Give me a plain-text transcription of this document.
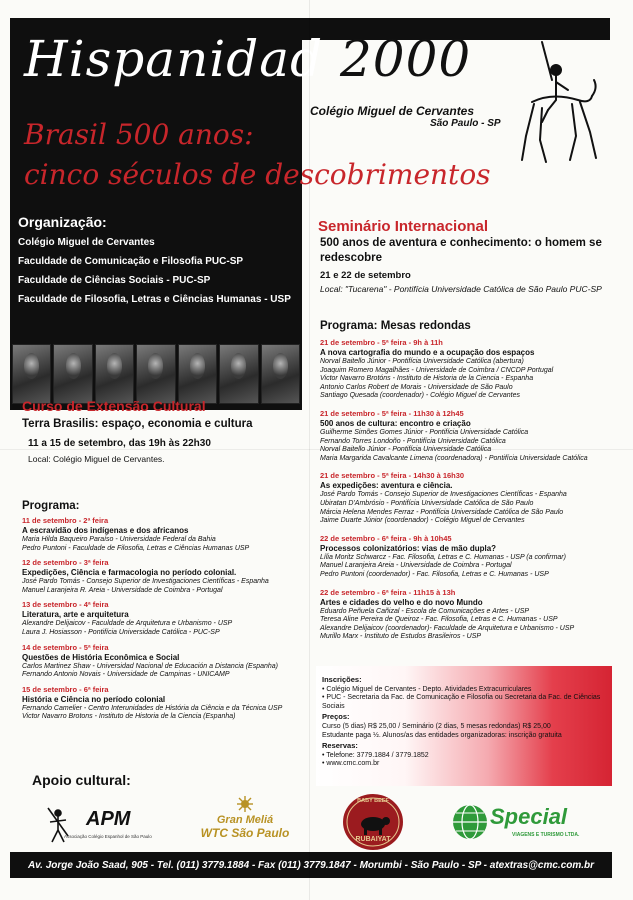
Hispanidad 2000
Colégio Miguel de Cervantes
São Paulo - SP
Brasil 500 anos:
cinco séculos de descobrimentos
Organização:
Colégio Miguel de Cervantes
Faculdade de Comunicação e Filosofia PUC-SP
Faculdade de Ciências Sociais - PUC-SP
Faculdade de Filosofia, Letras e Ciências Humanas - USP
Seminário Internacional
500 anos de aventura e conhecimento: o homem se redescobre
21 e 22 de setembro
Local: "Tucarena" - Pontifícia Universidade Católica de São Paulo PUC-SP
Programa: Mesas redondas
21 de setembro - 5ª feira - 9h à 11h
A nova cartografia do mundo e a ocupação dos espaços
Norval Baitello Júnior - Pontifícia Universidade Católica (abertura)
Joaquim Romero Magalhães - Universidade de Coimbra / CNCDP Portugal
Victor Navarro Brotóns - Instituto de Historia de la Ciencia - Espanha
Antonio Carlos Robert de Morais - Universidade de São Paulo
Santiago Quesada (coordenador) - Colégio Miguel de Cervantes
21 de setembro - 5ª feira - 11h30 à 12h45
500 anos de cultura: encontro e criação
Guilherme Simões Gomes Júnior - Pontifícia Universidade Católica
Fernando Torres Londoño - Pontifícia Universidade Católica
Norval Baitello Júnior - Pontifícia Universidade Católica
Maria Margarida Cavalcante Limena (coordenadora) - Pontifícia Universidade Católica
21 de setembro - 5ª feira - 14h30 à 16h30
As expedições: aventura e ciência.
José Pardo Tomás - Consejo Superior de Investigaciones Científicas - Espanha
Ubiratan D'Ambrósio - Pontifícia Universidade Católica de São Paulo
Márcia Helena Mendes Ferraz - Pontifícia Universidade Católica de São Paulo
Jaime Duarte Júnior (coordenador) - Colégio Miguel de Cervantes
22 de setembro - 6ª feira - 9h à 10h45
Processos colonizatórios: vias de mão dupla?
Lília Moritz Schwarcz - Fac. Filosofia, Letras e C. Humanas - USP (a confirmar)
Manuel Laranjeira Areia - Universidade de Coimbra - Portugal
Pedro Puntoni (coordenador) - Fac. Filosofia, Letras e C. Humanas - USP
22 de setembro - 6ª feira - 11h15 à 13h
Artes e cidades do velho e do novo Mundo
Eduardo Peñuela Cañizal - Escola de Comunicações e Artes - USP
Teresa Aline Pereira de Queiroz - Fac. Filosofia, Letras e C. Humanas - USP
Alexandre Delijaicov (coordenador)- Faculdade de Arquitetura e Urbanismo - USP
Murillo Marx - Instituto de Estudos Brasileiros - USP
Curso de Extensão Cultural
Terra Brasilis: espaço, economia e cultura
11 a 15 de setembro, das 19h às 22h30
Local: Colégio Miguel de Cervantes.
Programa:
11 de setembro - 2ª feira
A escravidão dos indígenas e dos africanos
Maria Hilda Baqueiro Paraíso - Universidade Federal da Bahia
Pedro Puntoni - Faculdade de Filosofia, Letras e Ciências Humanas USP
12 de setembro - 3ª feira
Expedições, Ciência e farmacologia no período colonial.
José Pardo Tomás - Consejo Superior de Investigaciones Científicas - Espanha
Manuel Laranjeira R. Areia - Universidade de Coimbra - Portugal
13 de setembro - 4ª feira
Literatura, arte e arquitetura
Alexandre Delijaicov - Faculdade de Arquitetura e Urbanismo - USP
Laura J. Hosiasson - Pontifícia Universidade Católica - PUC-SP
14 de setembro - 5ª feira
Questões de História Econômica e Social
Carlos Martinez Shaw - Universidad Nacional de Educación a Distancia (Espanha)
Fernando Antonio Novais - Universidade de Campinas - UNICAMP
15 de setembro - 6ª feira
História e Ciência no período colonial
Fernando Camelier - Centro Interunidades de História da Ciência e da Técnica USP
Victor Navarro Brotons - Instituto de Historia de la Ciencia (Espanha)
Inscrições:
• Colégio Miguel de Cervantes - Depto. Atividades Extracurriculares
• PUC - Secretaria da Fac. de Comunicação e Filosofia ou Secretaria da Fac. de Ciências Sociais
Preços:
Curso (5 dias) R$ 25,00 / Seminário (2 dias, 5 mesas redondas) R$ 25,00
Estudante paga ½. Alunos/as das entidades organizadoras: inscrição gratuita
Reservas:
• Telefone: 3779.1884 / 3779.1852
• www.cmc.com.br
Apoio cultural:
APM
Associação Colégio Espanhol de São Paulo
Gran Meliá
WTC São Paulo
BABY BEEF
RUBAIYAT
Special
VIAGENS E TURISMO LTDA.
Av. Jorge João Saad, 905 - Tel. (011) 3779.1884 - Fax (011) 3779.1847 - Morumbi - São Paulo - SP - atextras@cmc.com.br
